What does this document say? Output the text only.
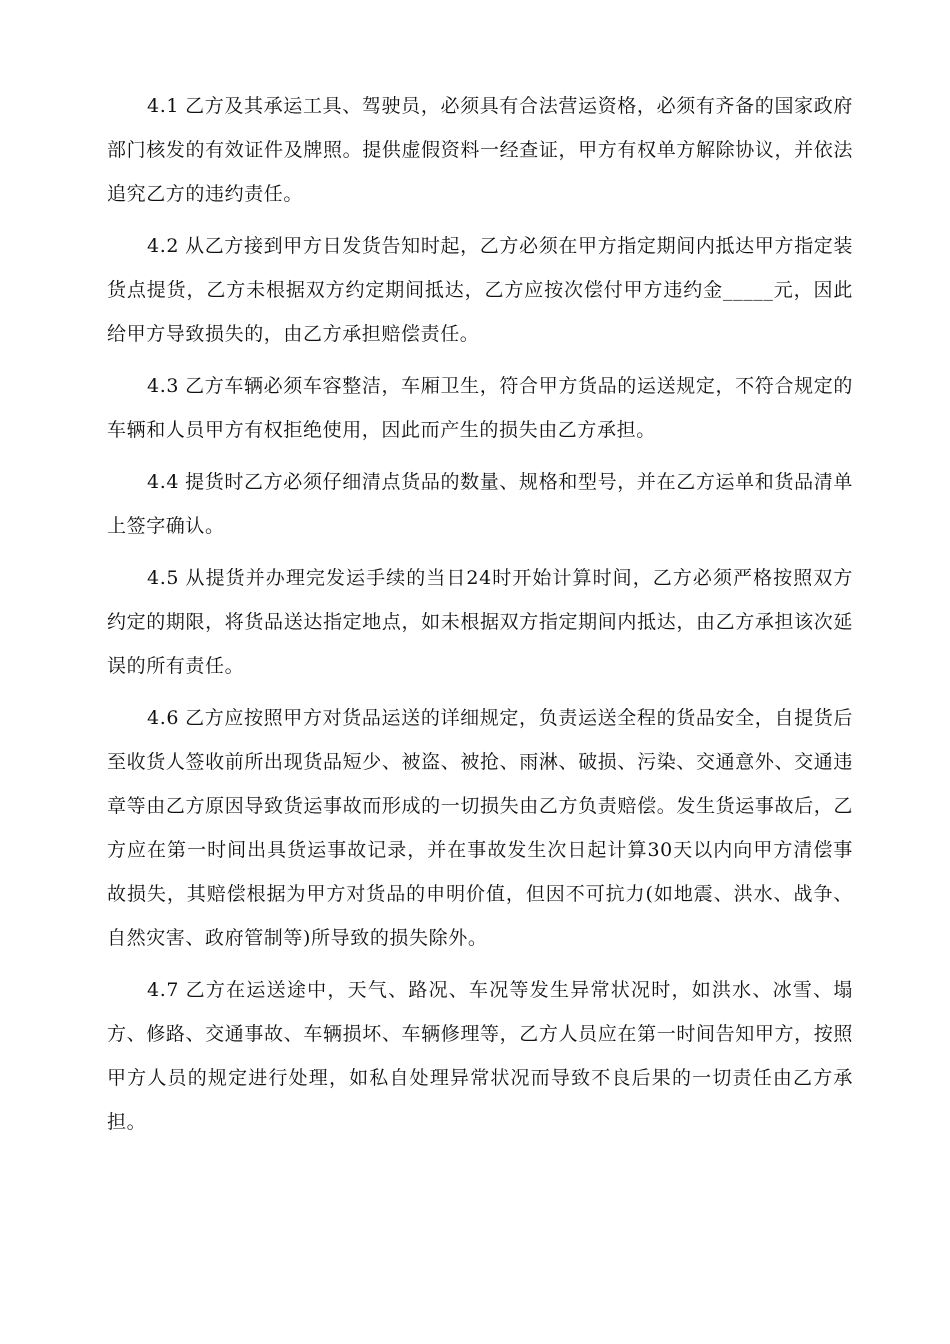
4.1 乙方及其承运工具、驾驶员，必须具有合法营运资格，必须有齐备的国家政府部门核发的有效证件及牌照。提供虚假资料一经查证，甲方有权单方解除协议，并依法追究乙方的违约责任。

4.2 从乙方接到甲方日发货告知时起，乙方必须在甲方指定期间内抵达甲方指定装货点提货，乙方未根据双方约定期间抵达，乙方应按次偿付甲方违约金_____元，因此给甲方导致损失的，由乙方承担赔偿责任。

4.3 乙方车辆必须车容整洁，车厢卫生，符合甲方货品的运送规定，不符合规定的车辆和人员甲方有权拒绝使用，因此而产生的损失由乙方承担。

4.4 提货时乙方必须仔细清点货品的数量、规格和型号，并在乙方运单和货品清单上签字确认。

4.5 从提货并办理完发运手续的当日24时开始计算时间，乙方必须严格按照双方约定的期限，将货品送达指定地点，如未根据双方指定期间内抵达，由乙方承担该次延误的所有责任。

4.6 乙方应按照甲方对货品运送的详细规定，负责运送全程的货品安全，自提货后至收货人签收前所出现货品短少、被盗、被抢、雨淋、破损、污染、交通意外、交通违章等由乙方原因导致货运事故而形成的一切损失由乙方负责赔偿。发生货运事故后，乙方应在第一时间出具货运事故记录，并在事故发生次日起计算30天以内向甲方清偿事故损失，其赔偿根据为甲方对货品的申明价值，但因不可抗力(如地震、洪水、战争、自然灾害、政府管制等)所导致的损失除外。

4.7 乙方在运送途中，天气、路况、车况等发生异常状况时，如洪水、冰雪、塌方、修路、交通事故、车辆损坏、车辆修理等，乙方人员应在第一时间告知甲方，按照甲方人员的规定进行处理，如私自处理异常状况而导致不良后果的一切责任由乙方承担。
